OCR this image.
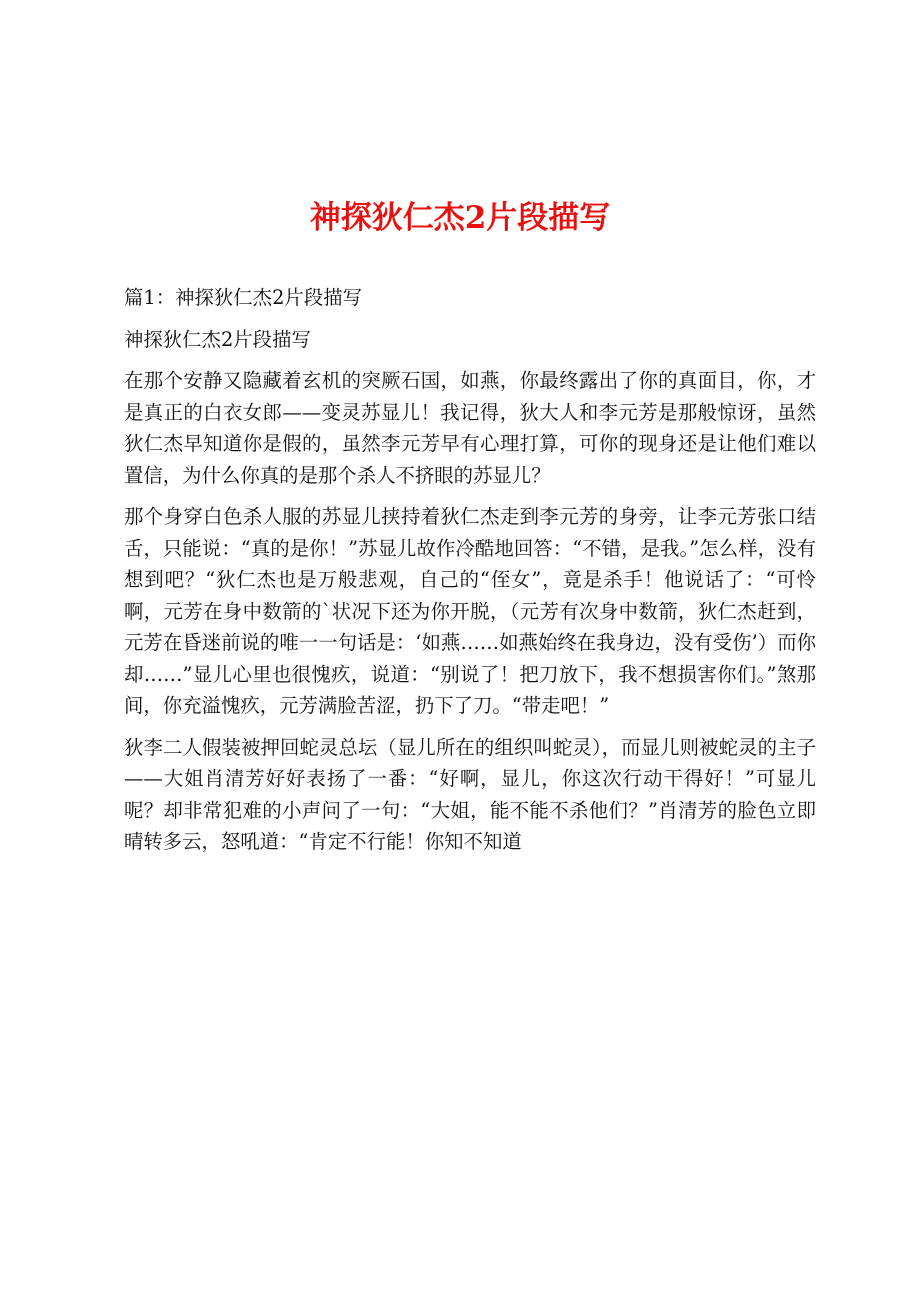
神探狄仁杰2片段描写

篇1：神探狄仁杰2片段描写

神探狄仁杰2片段描写

在那个安静又隐藏着玄机的突厥石国，如燕，你最终露出了你的真面目，你，才是真正的白衣女郎——变灵苏显儿！我记得，狄大人和李元芳是那般惊讶，虽然狄仁杰早知道你是假的，虽然李元芳早有心理打算，可你的现身还是让他们难以置信，为什么你真的是那个杀人不挤眼的苏显儿？

那个身穿白色杀人服的苏显儿挟持着狄仁杰走到李元芳的身旁，让李元芳张口结舌，只能说：“真的是你！”苏显儿故作冷酷地回答：“不错，是我。”怎么样，没有想到吧？“狄仁杰也是万般悲观，自己的“侄女”，竟是杀手！他说话了：“可怜啊，元芳在身中数箭的`状况下还为你开脱，（元芳有次身中数箭，狄仁杰赶到，元芳在昏迷前说的唯一一句话是：‘如燕……如燕始终在我身边，没有受伤’）而你却……”显儿心里也很愧疚，说道：“别说了！把刀放下，我不想损害你们。”煞那间，你充溢愧疚，元芳满脸苦涩，扔下了刀。“带走吧！”

狄李二人假装被押回蛇灵总坛（显儿所在的组织叫蛇灵），而显儿则被蛇灵的主子——大姐肖清芳好好表扬了一番：“好啊，显儿，你这次行动干得好！”可显儿呢？却非常犯难的小声问了一句：“大姐，能不能不杀他们？”肖清芳的脸色立即晴转多云，怒吼道：“肯定不行能！你知不知道
